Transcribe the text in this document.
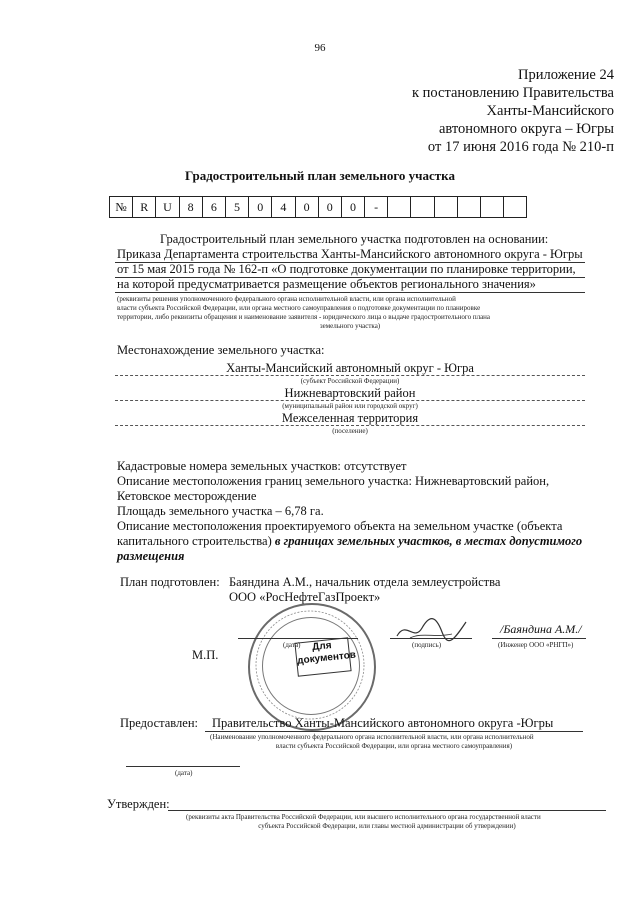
96
Приложение 24
к постановлению Правительства
Ханты-Мансийского
автономного округа – Югры
от 17 июня 2016 года № 210-п
Градостроительный план земельного участка
№	R	U	8	6	5	0	4	0	0	0	-						
Градостроительный план земельного участка подготовлен на основании:
Приказа Департамента строительства Ханты-Мансийского автономного округа - Югры
от 15 мая 2015 года № 162-п «О подготовке документации по планировке территории,
на которой предусматривается размещение объектов регионального значения»
(реквизиты решения уполномоченного федерального органа исполнительной власти, или органа исполнительной
власти субъекта Российской Федерации, или органа местного самоуправления о подготовке документации по планировке
территории, либо реквизиты обращения и наименование заявителя - юридического лица о выдаче градостроительного плана
земельного участка)
Местонахождение земельного участка:
Ханты-Мансийский автономный округ - Югра
(субъект Российской Федерации)
Нижневартовский район
(муниципальный район или городской округ)
Межселенная территория
(поселение)
Кадастровые номера земельных участков: отсутствует
Описание местоположения границ земельного участка: Нижневартовский район,
Кетовское месторождение
Площадь земельного участка – 6,78 га.
Описание местоположения проектируемого объекта на земельном участке (объекта
капитального строительства) в границах земельных участков, в местах допустимого
размещения
План подготовлен: Баяндина А.М., начальник отдела землеустройства
ООО «РосНефтеГазПроект»
Для
документов
М.П.
(дата)	(подпись)
/Баяндина А.М./
(Инженер ООО «РНГП»)
Предоставлен: Правительство Ханты-Мансийского автономного округа -Югры
(Наименование уполномоченного федерального органа исполнительной власти, или органа исполнительной
власти субъекта Российской Федерации, или органа местного самоуправления)
(дата)
Утвержден:
(реквизиты акта Правительства Российской Федерации, или высшего исполнительного органа государственной власти
субъекта Российской Федерации, или главы местной администрации об утверждении)
